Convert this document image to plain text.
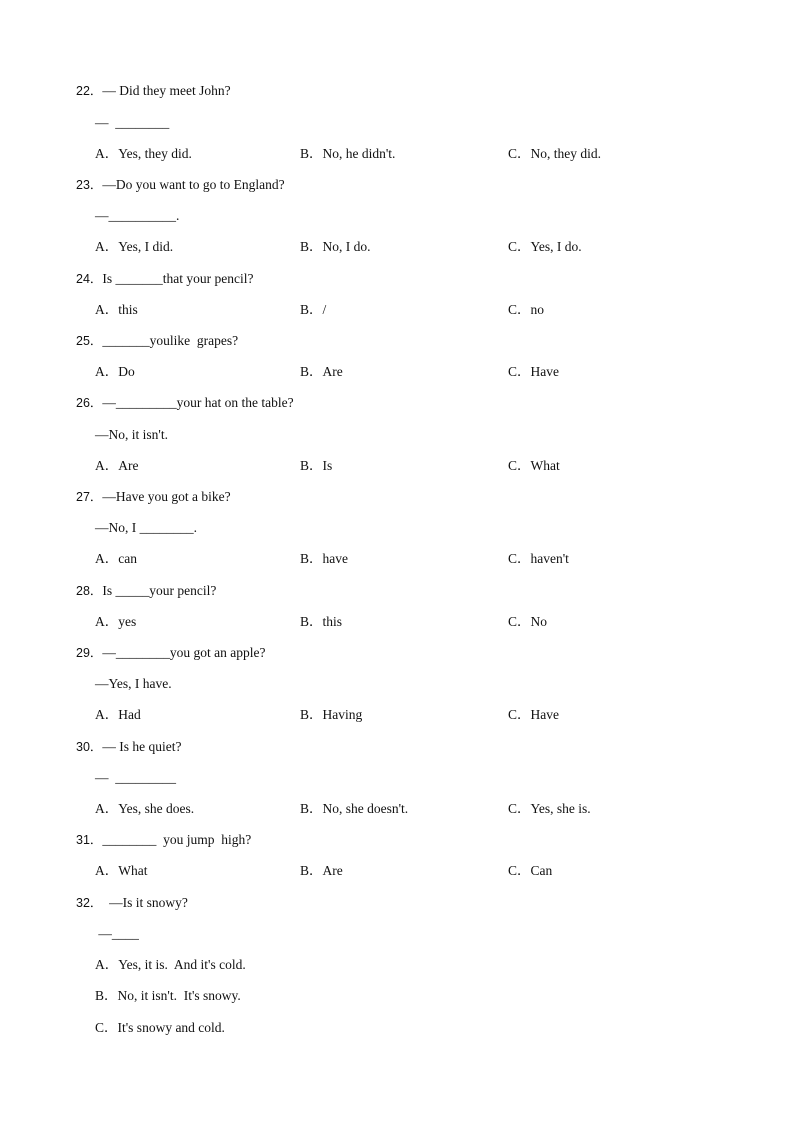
22．— Did they meet John?
—  ________
A．Yes, they did.	B．No, he didn't.	C．No, they did.
23．—Do you want to go to England?
—__________.
A．Yes, I did.	B．No, I do.	C．Yes, I do.
24．Is _______that your pencil?
A．this	B．/	C．no
25．_______youlike  grapes?
A．Do	B．Are	C．Have
26．—_________your hat on the table?
—No, it isn't.
A．Are	B．Is	C．What
27．—Have you got a bike?
—No, I ________.
A．can	B．have	C．haven't
28．Is _____your pencil?
A．yes	B．this	C．No
29．—________you got an apple?
—Yes, I have.
A．Had	B．Having	C．Have
30．— Is he quiet?
—  _________
A．Yes, she does.	B．No, she doesn't.	C．Yes, she is.
31．________  you jump  high?
A．What	B．Are	C．Can
32．  —Is it snowy?
—____
A．Yes, it is.  And it's cold.
B．No, it isn't.  It's snowy.
C．It's snowy and cold.
